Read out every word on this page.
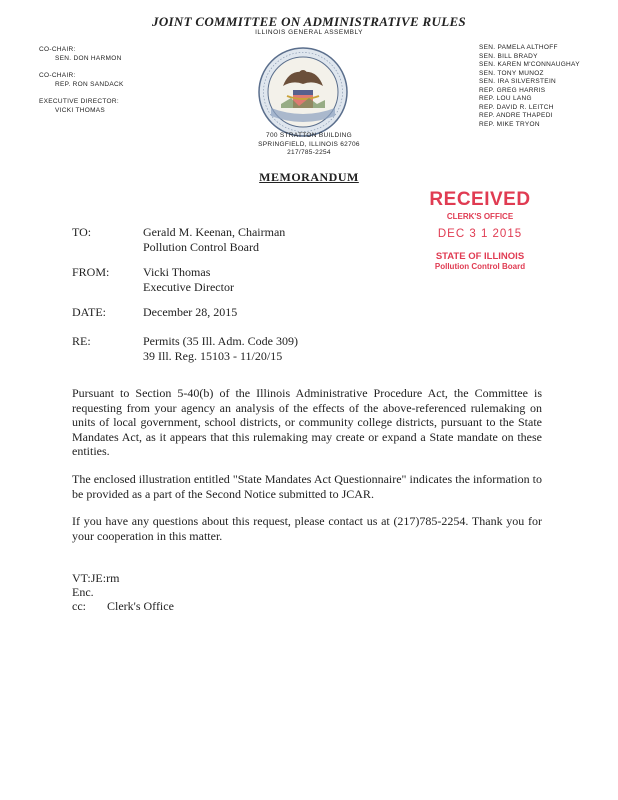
JOINT COMMITTEE ON ADMINISTRATIVE RULES
ILLINOIS GENERAL ASSEMBLY
CO-CHAIR:
SEN. DON HARMON
CO-CHAIR:
REP. RON SANDACK
EXECUTIVE DIRECTOR:
VICKI THOMAS
SEN. PAMELA ALTHOFF
SEN. BILL BRADY
SEN. KAREN MʹCONNAUGHAY
SEN. TONY MUNOZ
SEN. IRA SILVERSTEIN
REP. GREG HARRIS
REP. LOU LANG
REP. DAVID R. LEITCH
REP. ANDRE THAPEDI
REP. MIKE TRYON
700 STRATTON BUILDING
SPRINGFIELD, ILLINOIS 62706
217/785-2254
MEMORANDUM
RECEIVED
CLERK'S OFFICE
DEC 3 1 2015
STATE OF ILLINOIS
Pollution Control Board
TO:	Gerald M. Keenan, Chairman
Pollution Control Board
FROM:	Vicki Thomas
Executive Director
DATE:	December 28, 2015
RE:	Permits (35 Ill. Adm. Code 309)
39 Ill. Reg. 15103 - 11/20/15
Pursuant to Section 5-40(b) of the Illinois Administrative Procedure Act, the Committee is requesting from your agency an analysis of the effects of the above-referenced rulemaking on units of local government, school districts, or community college districts, pursuant to the State Mandates Act, as it appears that this rulemaking may create or expand a State mandate on these entities.
The enclosed illustration entitled "State Mandates Act Questionnaire" indicates the information to be provided as a part of the Second Notice submitted to JCAR.
If you have any questions about this request, please contact us at (217)785-2254. Thank you for your cooperation in this matter.
VT:JE:rm
Enc.
cc: Clerk's Office
